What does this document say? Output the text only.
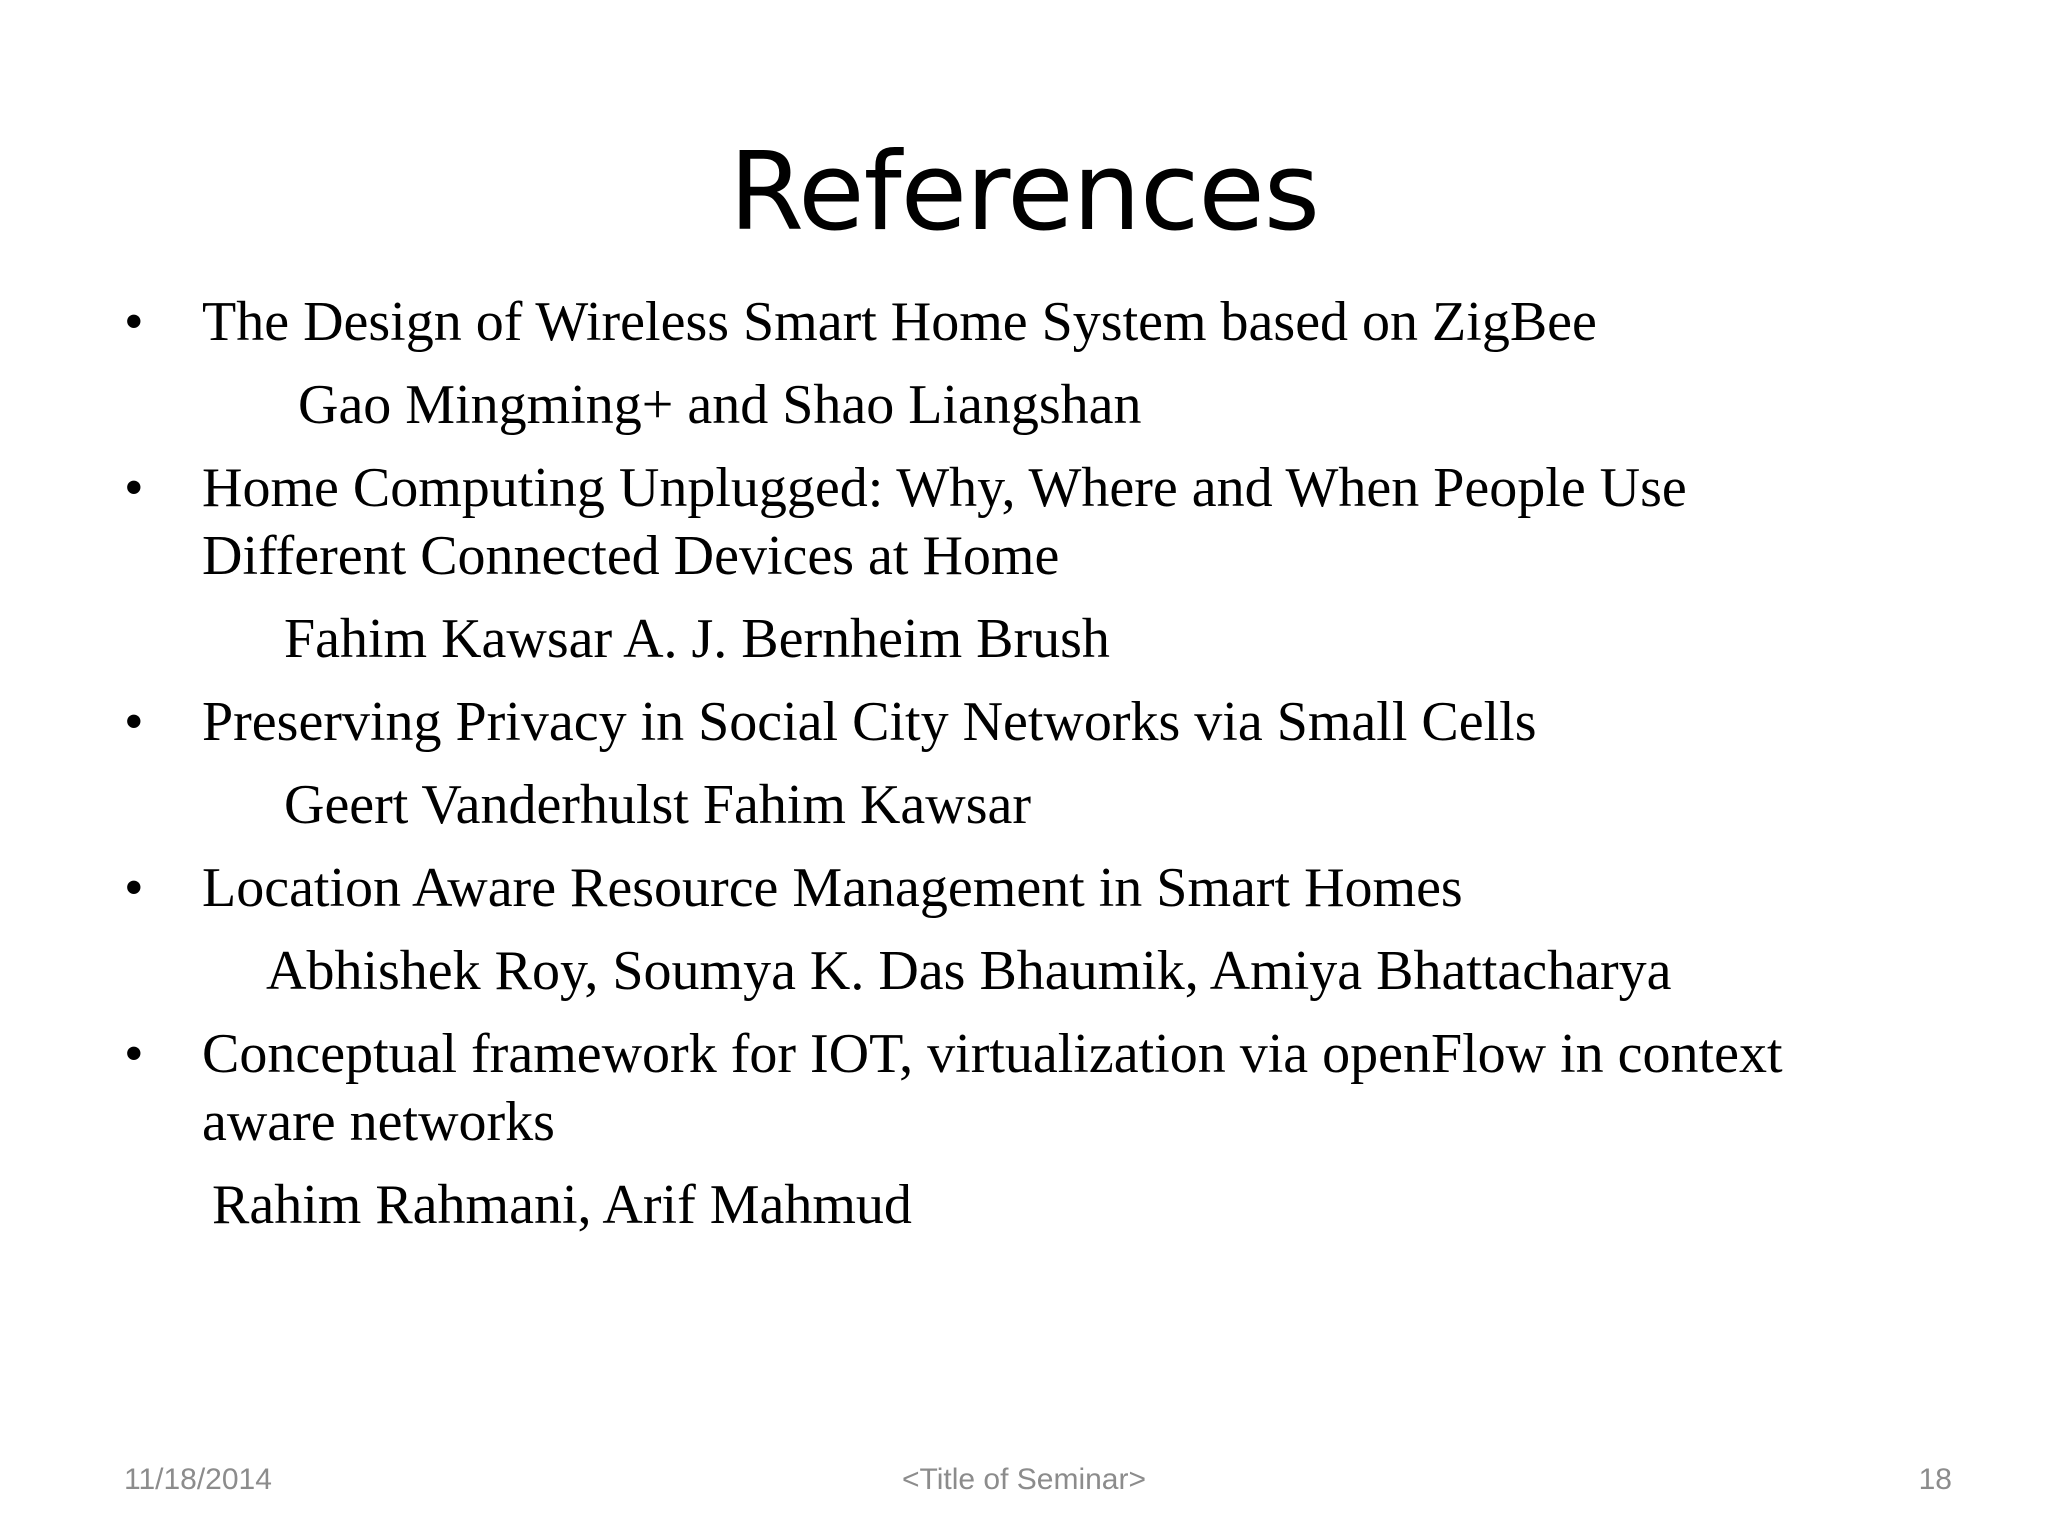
References
• The Design of Wireless Smart Home System based on ZigBee
Gao Mingming+ and Shao Liangshan
• Home Computing Unplugged: Why, Where and When People Use
Different Connected Devices at Home
Fahim Kawsar A. J. Bernheim Brush
• Preserving Privacy in Social City Networks via Small Cells
Geert Vanderhulst Fahim Kawsar
• Location Aware Resource Management in Smart Homes
Abhishek Roy, Soumya K. Das Bhaumik, Amiya Bhattacharya
• Conceptual framework for IOT, virtualization via openFlow in context
aware networks
Rahim Rahmani, Arif Mahmud
11/18/2014	<Title of Seminar>	18
